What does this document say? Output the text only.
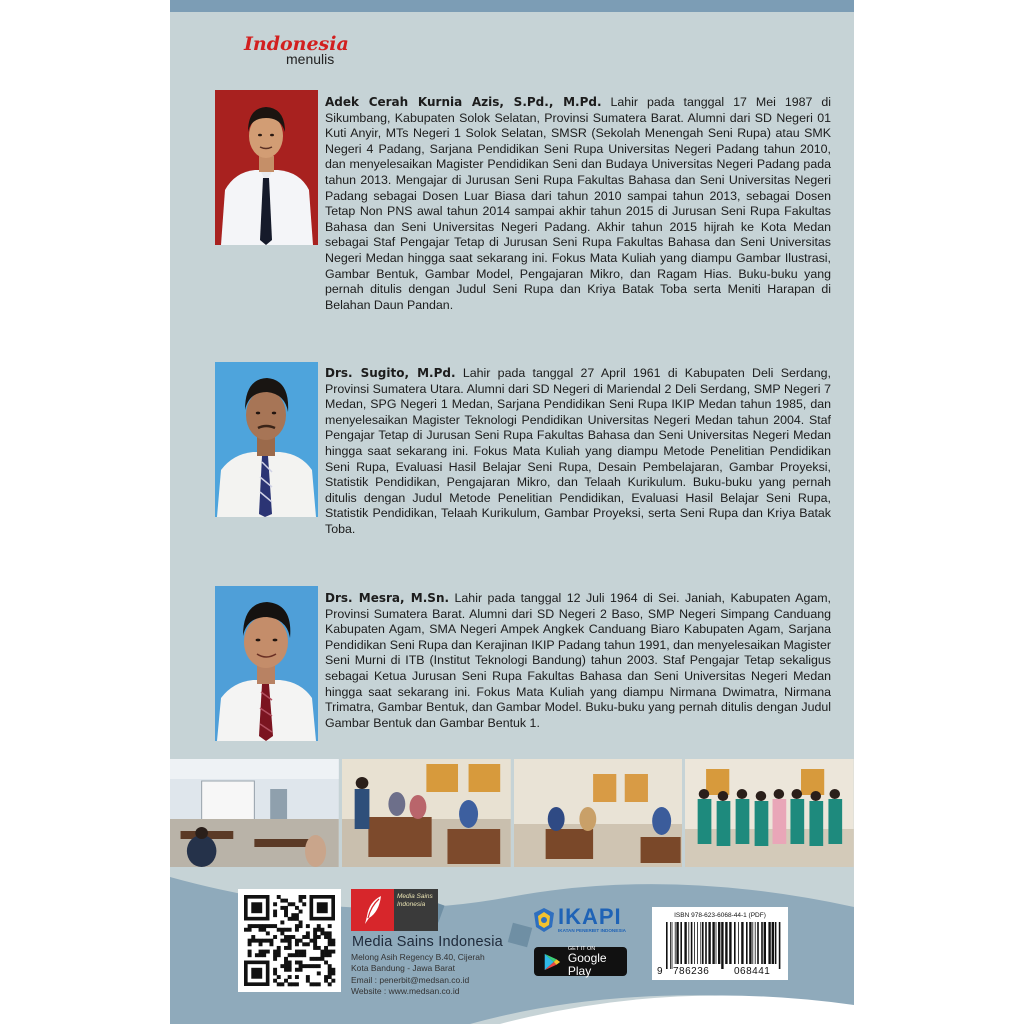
Indonesia
menulis

Adek Cerah Kurnia Azis, S.Pd., M.Pd. Lahir pada tanggal 17 Mei 1987 di Sikumbang, Kabupaten Solok Selatan, Provinsi Sumatera Barat. Alumni dari SD Negeri 01 Kuti Anyir, MTs Negeri 1 Solok Selatan, SMSR (Sekolah Menengah Seni Rupa) atau SMK Negeri 4 Padang, Sarjana Pendidikan Seni Rupa Universitas Negeri Padang tahun 2010, dan menyelesaikan Magister Pendidikan Seni dan Budaya Universitas Negeri Padang pada tahun 2013. Mengajar di Jurusan Seni Rupa Fakultas Bahasa dan Seni Universitas Negeri Padang sebagai Dosen Luar Biasa dari tahun 2010 sampai tahun 2013, sebagai Dosen Tetap Non PNS awal tahun 2014 sampai akhir tahun 2015 di Jurusan Seni Rupa Fakultas Bahasa dan Seni Universitas Negeri Padang. Akhir tahun 2015 hijrah ke Kota Medan sebagai Staf Pengajar Tetap di Jurusan Seni Rupa Fakultas Bahasa dan Seni Universitas Negeri Medan hingga saat sekarang ini. Fokus Mata Kuliah yang diampu Gambar Ilustrasi, Gambar Bentuk, Gambar Model, Pengajaran Mikro, dan Ragam Hias. Buku-buku yang pernah ditulis dengan Judul Seni Rupa dan Kriya Batak Toba serta Meniti Harapan di Belahan Daun Pandan.

Drs. Sugito, M.Pd. Lahir pada tanggal 27 April 1961 di Kabupaten Deli Serdang, Provinsi Sumatera Utara. Alumni dari SD Negeri di Mariendal 2 Deli Serdang, SMP Negeri 7 Medan, SPG Negeri 1 Medan, Sarjana Pendidikan Seni Rupa IKIP Medan tahun 1985, dan menyelesaikan Magister Teknologi Pendidikan Universitas Negeri Medan tahun 2004. Staf Pengajar Tetap di Jurusan Seni Rupa Fakultas Bahasa dan Seni Universitas Negeri Medan hingga saat sekarang ini. Fokus Mata Kuliah yang diampu Metode Penelitian Pendidikan Seni Rupa, Evaluasi Hasil Belajar Seni Rupa, Desain Pembelajaran, Gambar Proyeksi, Statistik Pendidikan, Pengajaran Mikro, dan Telaah Kurikulum. Buku-buku yang pernah ditulis dengan Judul Metode Penelitian Pendidikan, Evaluasi Hasil Belajar Seni Rupa, Statistik Pendidikan, Telaah Kurikulum, Gambar Proyeksi, serta Seni Rupa dan Kriya Batak Toba.

Drs. Mesra, M.Sn. Lahir pada tanggal 12 Juli 1964 di Sei. Janiah, Kabupaten Agam, Provinsi Sumatera Barat. Alumni dari SD Negeri 2 Baso, SMP Negeri Simpang Canduang Kabupaten Agam, SMA Negeri Ampek Angkek Canduang Biaro Kabupaten Agam, Sarjana Pendidikan Seni Rupa dan Kerajinan IKIP Padang tahun 1991, dan menyelesaikan Magister Seni Murni di ITB (Institut Teknologi Bandung) tahun 2003. Staf Pengajar Tetap sekaligus sebagai Ketua Jurusan Seni Rupa Fakultas Bahasa dan Seni Universitas Negeri Medan hingga saat sekarang ini. Fokus Mata Kuliah yang diampu Nirmana Dwimatra, Nirmana Trimatra, Gambar Bentuk, dan Gambar Model. Buku-buku yang pernah ditulis dengan Judul Gambar Bentuk dan Gambar Bentuk 1.

Media Sains Indonesia
Media Sains Indonesia
Melong Asih Regency B.40, Cijerah
Kota Bandung - Jawa Barat
Email : penerbit@medsan.co.id
Website : www.medsan.co.id
IKAPI
IKATAN PENERBIT INDONESIA
GET IT ON
Google Play
ISBN 978-623-6068-44-1 (PDF)
9 786236 068441
